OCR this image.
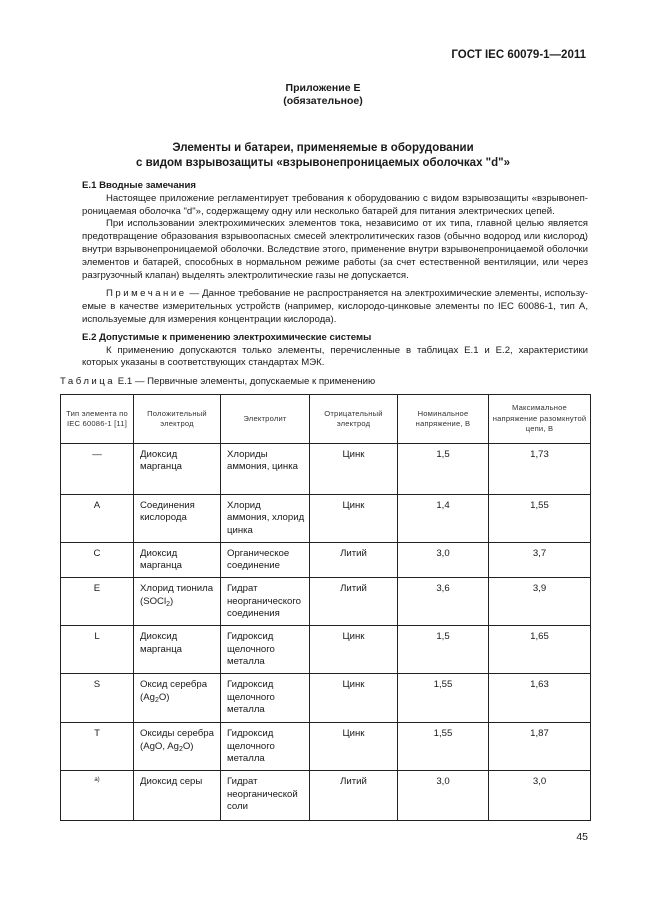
ГОСТ IEC 60079-1—2011
Приложение Е
(обязательное)
Элементы и батареи, применяемые в оборудовании
с видом взрывозащиты «взрывонепроницаемых оболочках "d"»

Е.1 Вводные замечания

Настоящее приложение регламентирует требования к оборудованию с видом взрывозащиты «взрывонеп- роницаемая оболочка "d"», содержащему одну или несколько батарей для питания электрических цепей.

При использовании электрохимических элементов тока, независимо от их типа, главной целью является предотвращение образования взрывоопасных смесей электролитических газов (обычно водород или кислород) внутри взрывонепроницаемой оболочки. Вследствие этого, применение внутри взрывонепроницаемой оболочки элементов и батарей, способных в нормальном режиме работы (за счет естественной вентиляции, или через разгрузочный клапан) выделять электролитические газы не допускается.

Примечание — Данное требование не распространяется на электрохимические элементы, использу- емые в качестве измерительных устройств (например, кислородо-цинковые элементы по IEC 60086-1, тип А, используемые для измерения концентрации кислорода).

Е.2 Допустимые к применению электрохимические системы

К применению допускаются только элементы, перечисленные в таблицах Е.1 и Е.2, характеристики которых указаны в соответствующих стандартах МЭК.

Таблица Е.1 — Первичные элементы, допускаемые к применению
Тип элемента по IEC 60086-1 [11]	Положительный электрод	Электролит	Отрицательный электрод	Номинальное напряжение, В	Максимальное напряжение разомкнутой цепи, В
—	Диоксид марганца	Хлориды аммония, цинка	Цинк	1,5	1,73
A	Соединения кислорода	Хлорид аммония, хлорид цинка	Цинк	1,4	1,55
C	Диоксид марганца	Органическое соединение	Литий	3,0	3,7
E	Хлорид тионила (SOCl$_2$)	Гидрат неорганического соединения	Литий	3,6	3,9
L	Диоксид марганца	Гидроксид щелочного металла	Цинк	1,5	1,65
S	Оксид серебра $(Ag_2O)$	Гидроксид щелочного металла	Цинк	1,55	1,63
T	Оксиды серебра (AgO, $Ag_2O$)	Гидроксид щелочного металла	Цинк	1,55	1,87
а)	Диоксид серы	Гидрат неорганической соли	Литий	3,0	3,0
45
